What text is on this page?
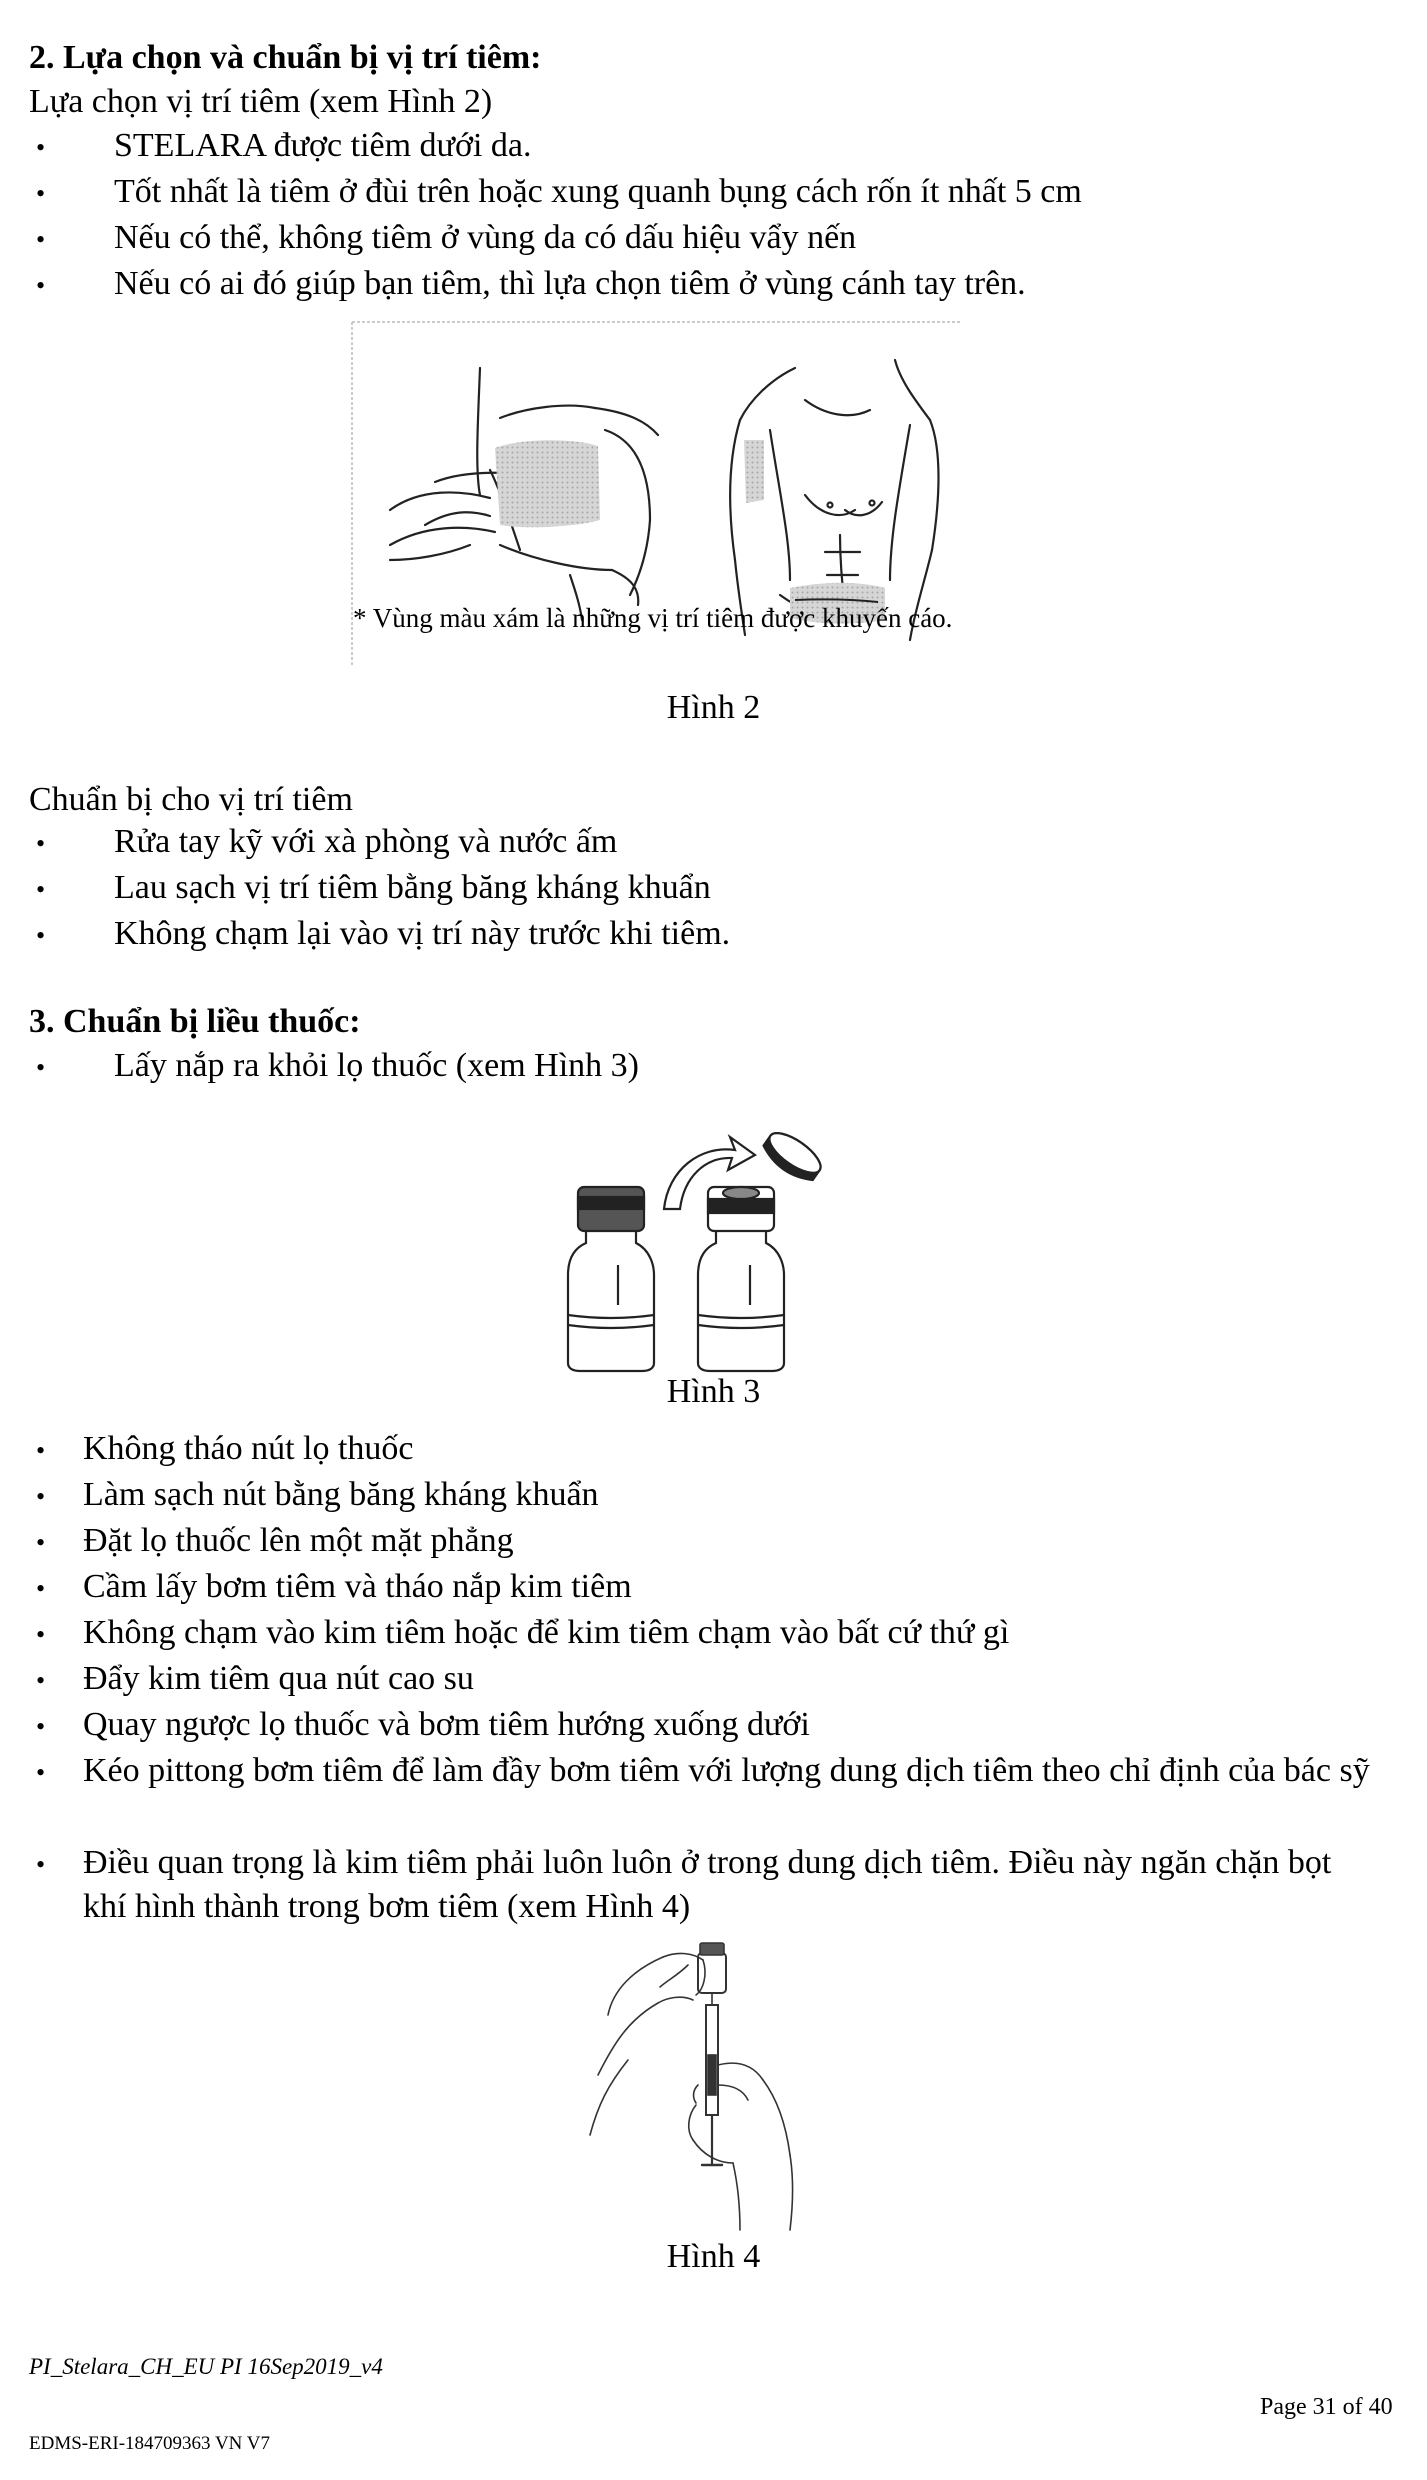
2. Lựa chọn và chuẩn bị vị trí tiêm:
Lựa chọn vị trí tiêm (xem Hình 2)
• STELARA được tiêm dưới da.
• Tốt nhất là tiêm ở đùi trên hoặc xung quanh bụng cách rốn ít nhất 5 cm
• Nếu có thể, không tiêm ở vùng da có dấu hiệu vẩy nến
• Nếu có ai đó giúp bạn tiêm, thì lựa chọn tiêm ở vùng cánh tay trên.
* Vùng màu xám là những vị trí tiêm được khuyến cáo.
Hình 2
Chuẩn bị cho vị trí tiêm
• Rửa tay kỹ với xà phòng và nước ấm
• Lau sạch vị trí tiêm bằng băng kháng khuẩn
• Không chạm lại vào vị trí này trước khi tiêm.
3. Chuẩn bị liều thuốc:
• Lấy nắp ra khỏi lọ thuốc (xem Hình 3)
Hình 3
• Không tháo nút lọ thuốc
• Làm sạch nút bằng băng kháng khuẩn
• Đặt lọ thuốc lên một mặt phẳng
• Cầm lấy bơm tiêm và tháo nắp kim tiêm
• Không chạm vào kim tiêm hoặc để kim tiêm chạm vào bất cứ thứ gì
• Đẩy kim tiêm qua nút cao su
• Quay ngược lọ thuốc và bơm tiêm hướng xuống dưới
• Kéo pittong bơm tiêm để làm đầy bơm tiêm với lượng dung dịch tiêm theo chỉ định của bác sỹ
• Điều quan trọng là kim tiêm phải luôn luôn ở trong dung dịch tiêm. Điều này ngăn chặn bọt khí hình thành trong bơm tiêm (xem Hình 4)
Hình 4
PI_Stelara_CH_EU PI 16Sep2019_v4
Page 31 of 40
EDMS-ERI-184709363 VN V7
